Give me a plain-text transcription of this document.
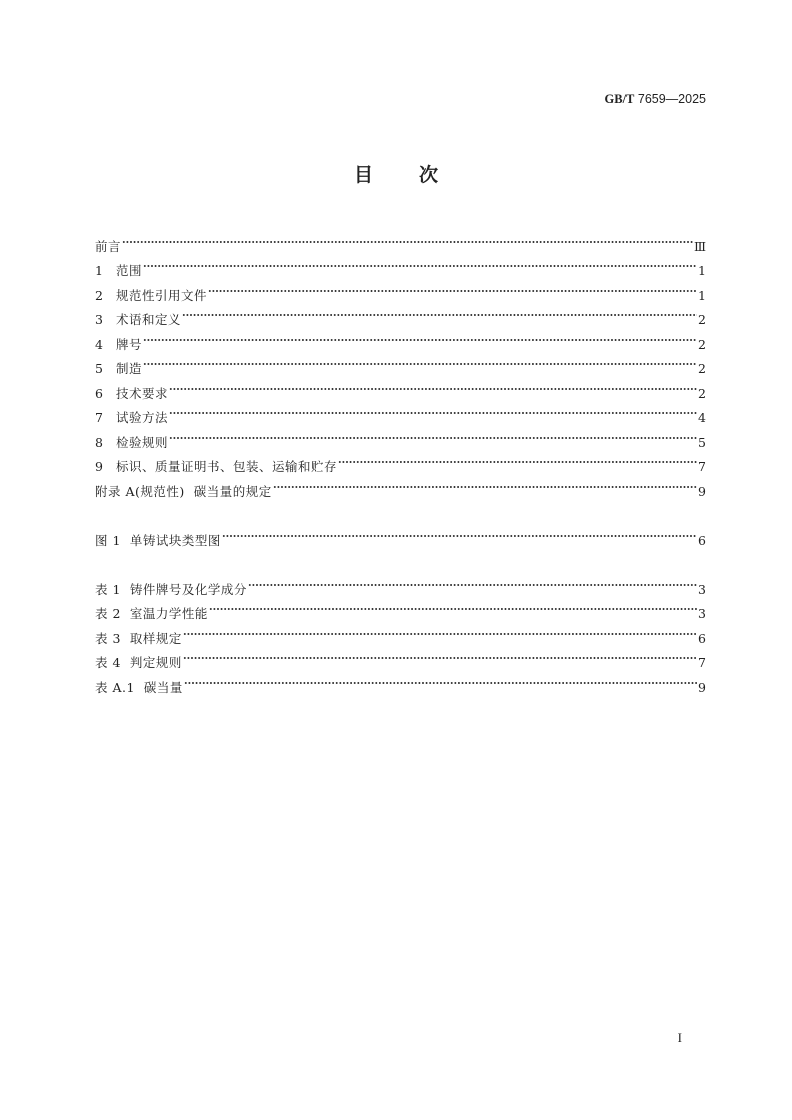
GB/T 7659—2025
目 次
前言	Ⅲ
1	范围	1
2	规范性引用文件	1
3	术语和定义	2
4	牌号	2
5	制造	2
6	技术要求	2
7	试验方法	4
8	检验规则	5
9	标识、质量证明书、包装、运输和贮存	7
附录 A(规范性)  碳当量的规定	9
图 1  单铸试块类型图	6
表 1  铸件牌号及化学成分	3
表 2  室温力学性能	3
表 3  取样规定	6
表 4  判定规则	7
表 A.1  碳当量	9
I
